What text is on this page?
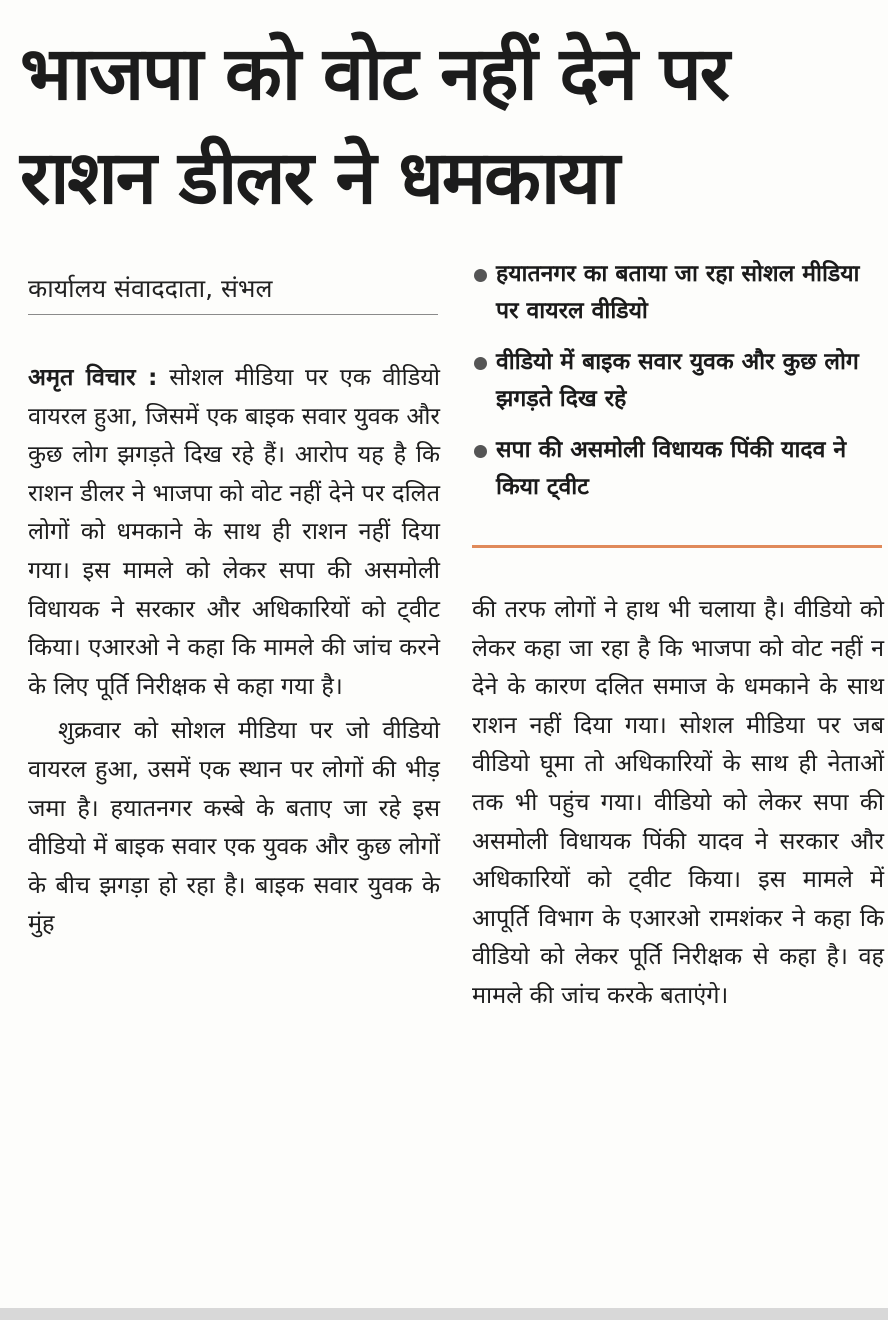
भाजपा को वोट नहीं देने पर
राशन डीलर ने धमकाया
कार्यालय संवाददाता, संभल	हयातनगर का बताया जा रहा सोशल मीडिया पर वायरल वीडियो
वीडियो में बाइक सवार युवक और कुछ लोग झगड़ते दिख रहे
सपा की असमोली विधायक पिंकी यादव ने किया ट्वीट

अमृत विचार : सोशल मीडिया पर एक वीडियो वायरल हुआ, जिसमें एक बाइक सवार युवक और कुछ लोग झगड़ते दिख रहे हैं। आरोप यह है कि राशन डीलर ने भाजपा को वोट नहीं देने पर दलित लोगों को धमकाने के साथ ही राशन नहीं दिया गया। इस मामले को लेकर सपा की असमोली विधायक ने सरकार और अधिकारियों को ट्वीट किया। एआरओ ने कहा कि मामले की जांच करने के लिए पूर्ति निरीक्षक से कहा गया है।

शुक्रवार को सोशल मीडिया पर जो वीडियो वायरल हुआ, उसमें एक स्थान पर लोगों की भीड़ जमा है। हयातनगर कस्बे के बताए जा रहे इस वीडियो में बाइक सवार एक युवक और कुछ लोगों के बीच झगड़ा हो रहा है। बाइक सवार युवक के मुंह

की तरफ लोगों ने हाथ भी चलाया है। वीडियो को लेकर कहा जा रहा है कि भाजपा को वोट नहीं न देने के कारण दलित समाज के धमकाने के साथ राशन नहीं दिया गया। सोशल मीडिया पर जब वीडियो घूमा तो अधिकारियों के साथ ही नेताओं तक भी पहुंच गया। वीडियो को लेकर सपा की असमोली विधायक पिंकी यादव ने सरकार और अधिकारियों को ट्वीट किया। इस मामले में आपूर्ति विभाग के एआरओ रामशंकर ने कहा कि वीडियो को लेकर पूर्ति निरीक्षक से कहा है। वह मामले की जांच करके बताएंगे।
